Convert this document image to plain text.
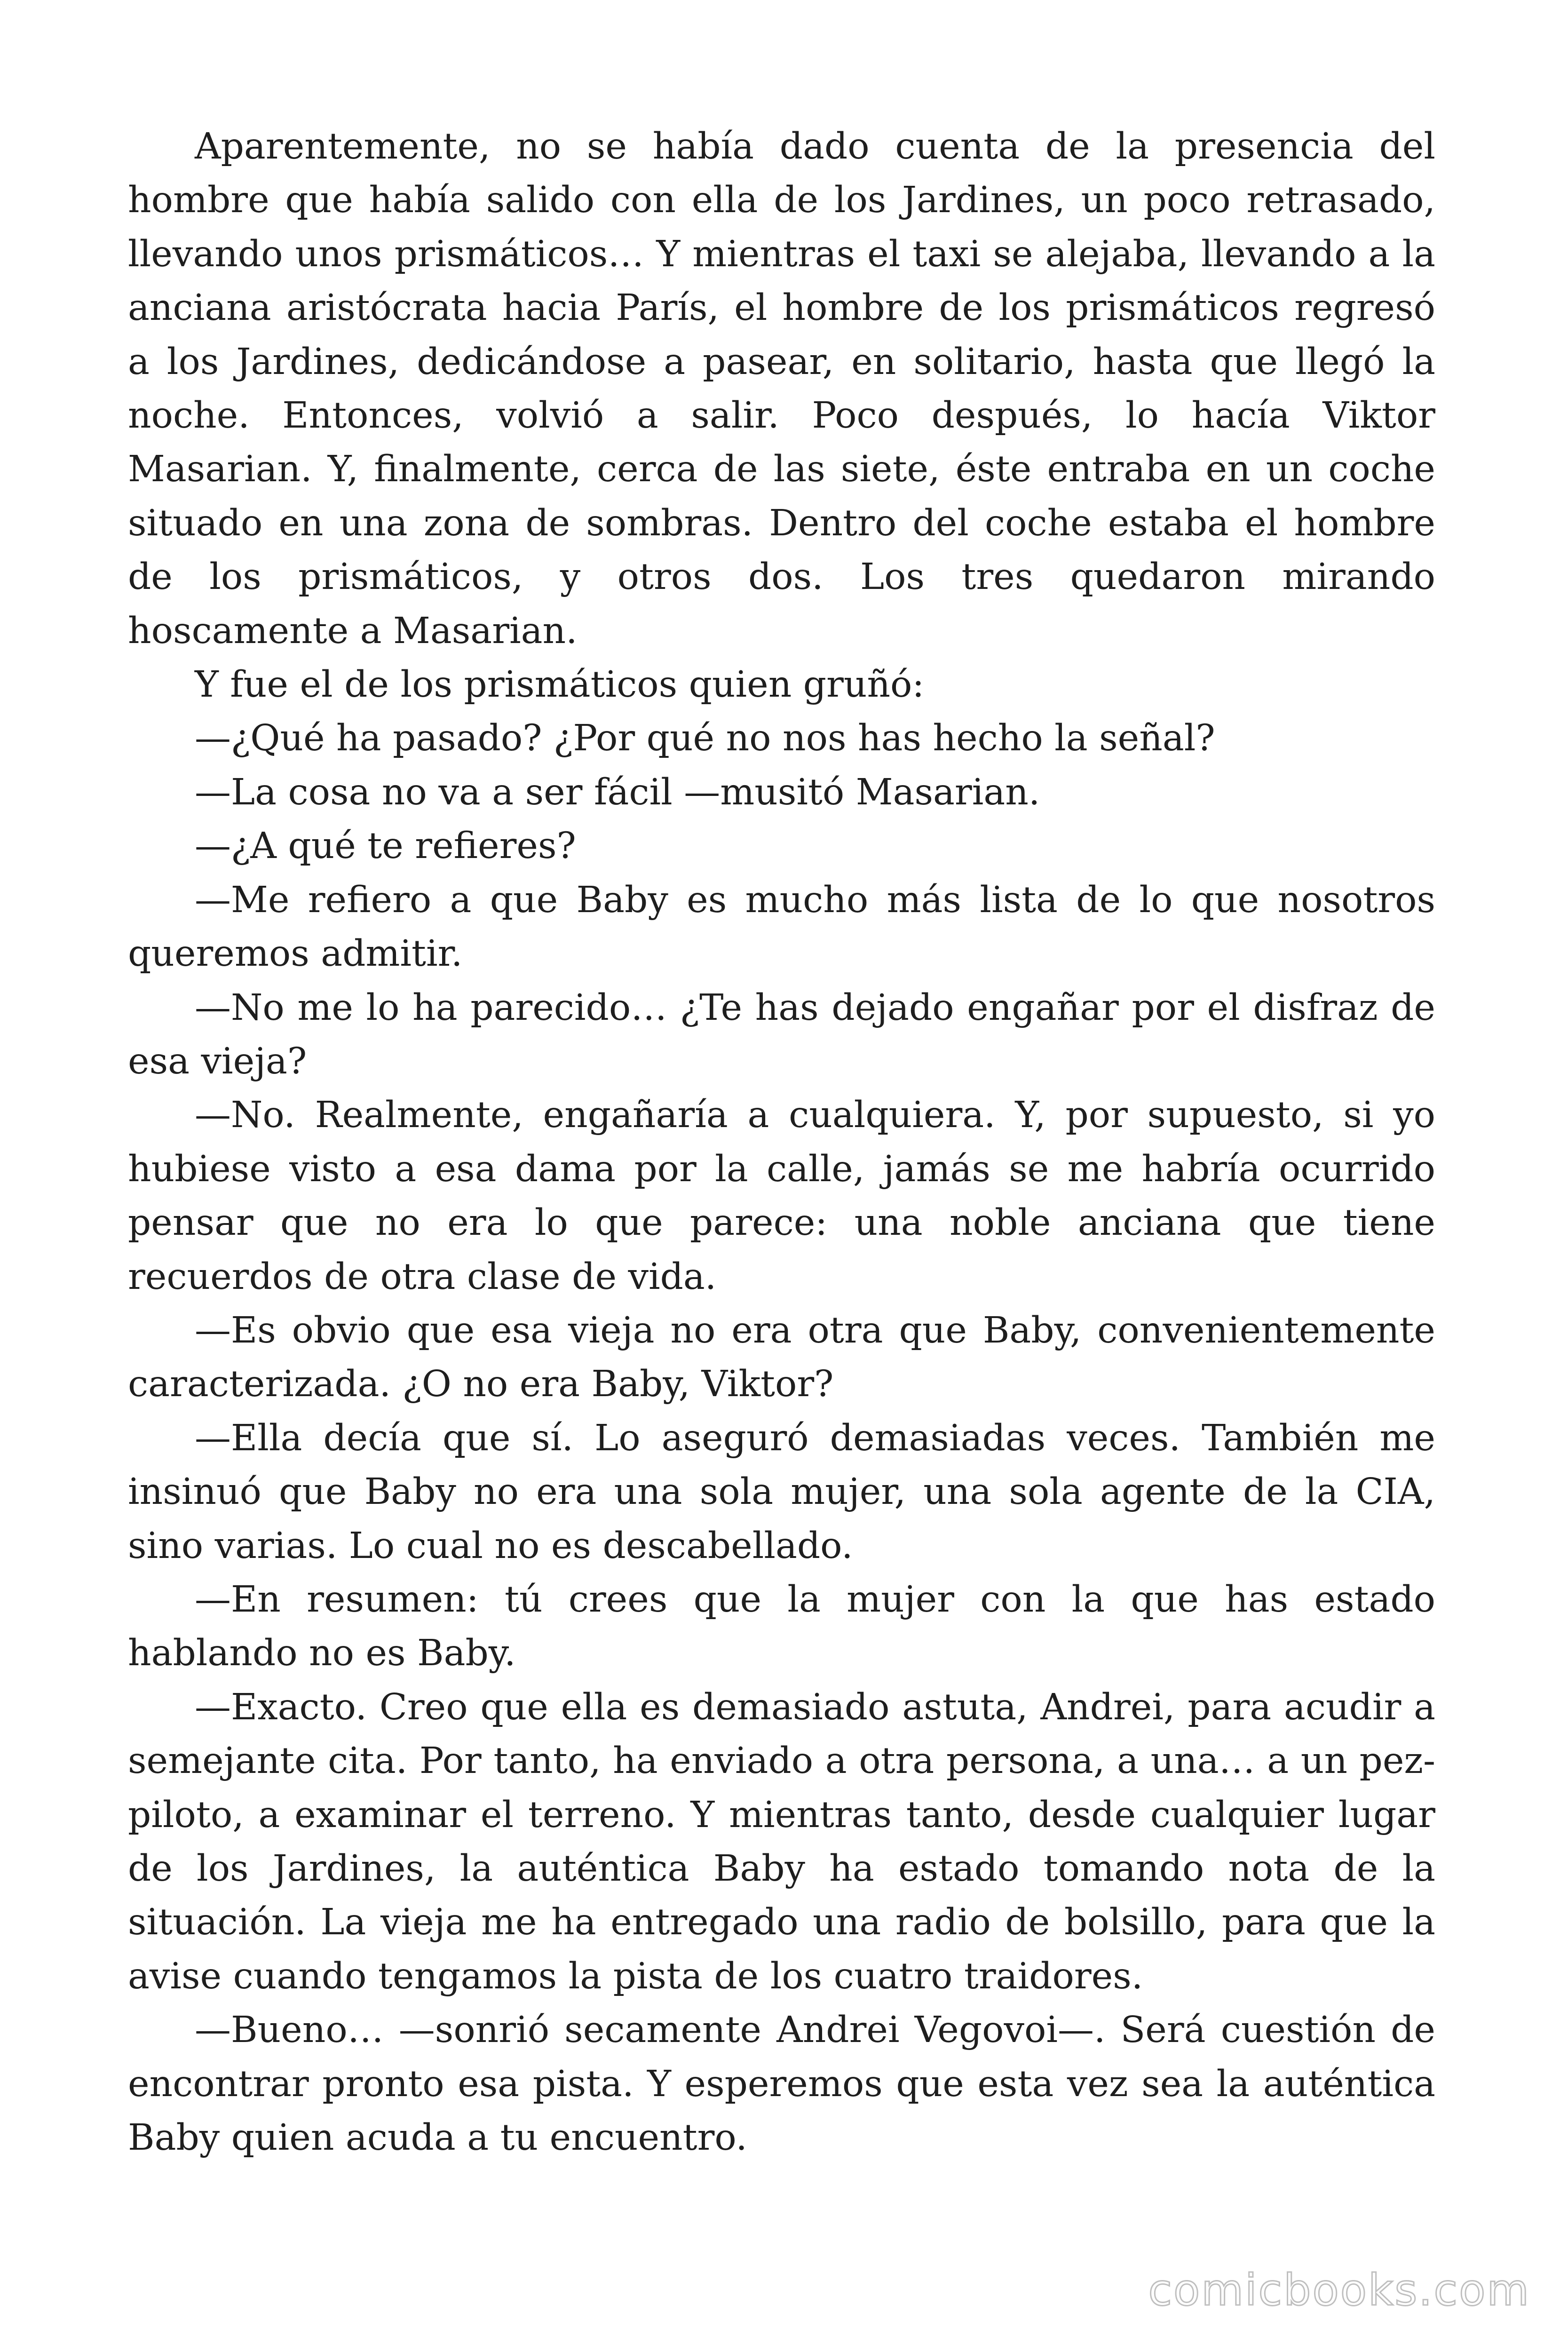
Aparentemente, no se había dado cuenta de la presencia del hombre que había salido con ella de los Jardines, un poco retrasado, llevando unos prismáticos… Y mientras el taxi se alejaba, llevando a la anciana aristócrata hacia París, el hombre de los prismáticos regresó a los Jardines, dedicándose a pasear, en solitario, hasta que llegó la noche. Entonces, volvió a salir. Poco después, lo hacía Viktor Masarian. Y, finalmente, cerca de las siete, éste entraba en un coche situado en una zona de sombras. Dentro del coche estaba el hombre de los prismáticos, y otros dos. Los tres quedaron mirando hoscamente a Masarian.

Y fue el de los prismáticos quien gruñó:

—¿Qué ha pasado? ¿Por qué no nos has hecho la señal?

—La cosa no va a ser fácil —musitó Masarian.

—¿A qué te refieres?

—Me refiero a que Baby es mucho más lista de lo que nosotros queremos admitir.

—No me lo ha parecido… ¿Te has dejado engañar por el disfraz de esa vieja?

—No. Realmente, engañaría a cualquiera. Y, por supuesto, si yo hubiese visto a esa dama por la calle, jamás se me habría ocurrido pensar que no era lo que parece: una noble anciana que tiene recuerdos de otra clase de vida.

—Es obvio que esa vieja no era otra que Baby, convenientemente caracterizada. ¿O no era Baby, Viktor?

—Ella decía que sí. Lo aseguró demasiadas veces. También me insinuó que Baby no era una sola mujer, una sola agente de la CIA, sino varias. Lo cual no es descabellado.

—En resumen: tú crees que la mujer con la que has estado hablando no es Baby.

—Exacto. Creo que ella es demasiado astuta, Andrei, para acudir a semejante cita. Por tanto, ha enviado a otra persona, a una… a un pez-piloto, a examinar el terreno. Y mientras tanto, desde cualquier lugar de los Jardines, la auténtica Baby ha estado tomando nota de la situación. La vieja me ha entregado una radio de bolsillo, para que la avise cuando tengamos la pista de los cuatro traidores.

—Bueno… —sonrió secamente Andrei Vegovoi—. Será cuestión de encontrar pronto esa pista. Y esperemos que esta vez sea la auténtica Baby quien acuda a tu encuentro.

comicbooks.com
